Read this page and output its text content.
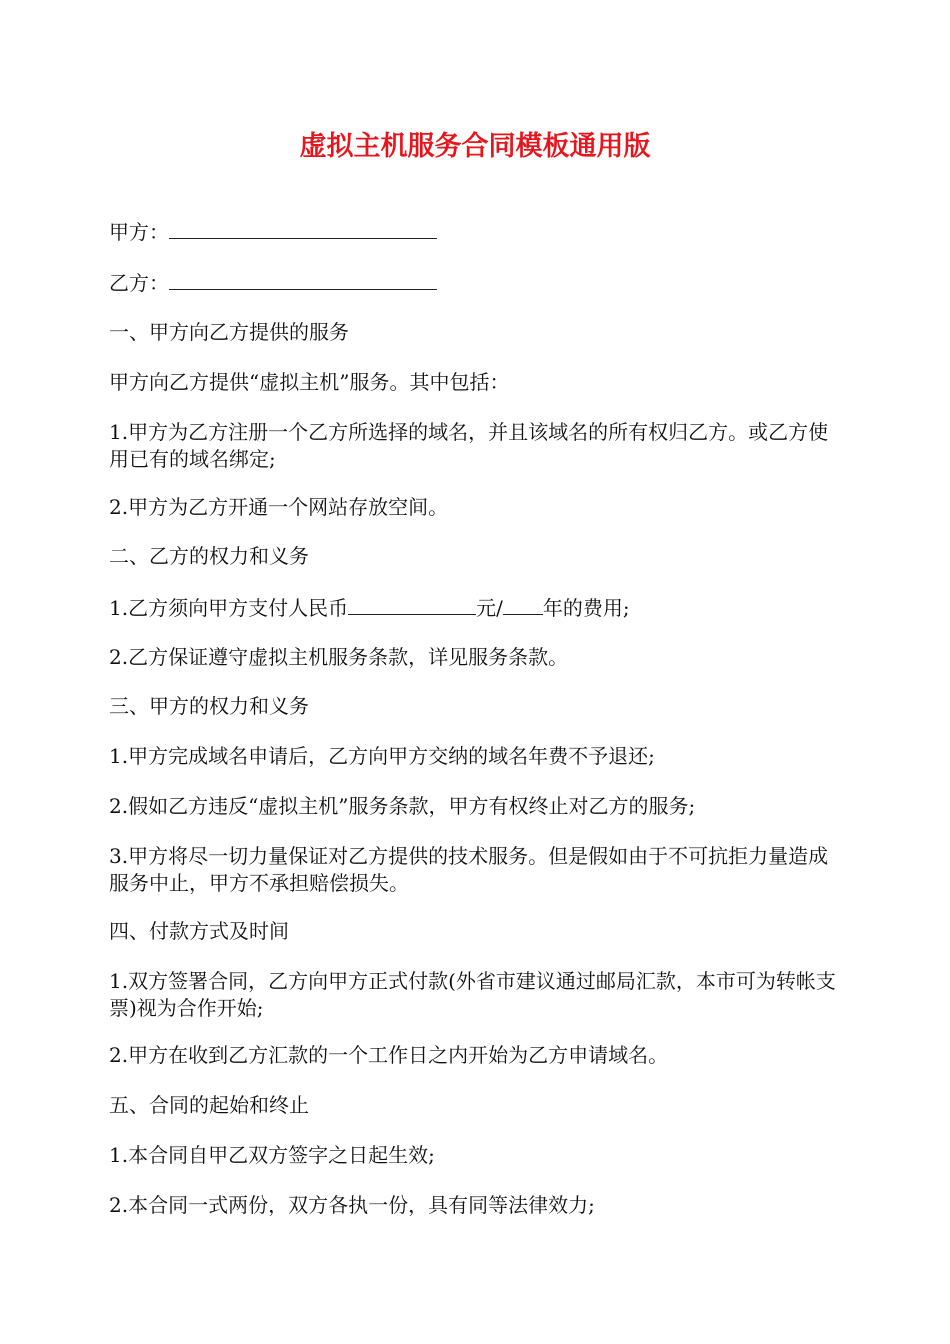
虚拟主机服务合同模板通用版
甲方：
乙方：
一、甲方向乙方提供的服务
甲方向乙方提供“虚拟主机”服务。其中包括：
1.甲方为乙方注册一个乙方所选择的域名，并且该域名的所有权归乙方。或乙方使用已有的域名绑定;
2.甲方为乙方开通一个网站存放空间。
二、乙方的权力和义务
1.乙方须向甲方支付人民币	元/ 年的费用;
2.乙方保证遵守虚拟主机服务条款，详见服务条款。
三、甲方的权力和义务
1.甲方完成域名申请后，乙方向甲方交纳的域名年费不予退还;
2.假如乙方违反“虚拟主机”服务条款，甲方有权终止对乙方的服务;
3.甲方将尽一切力量保证对乙方提供的技术服务。但是假如由于不可抗拒力量造成服务中止，甲方不承担赔偿损失。
四、付款方式及时间
1.双方签署合同，乙方向甲方正式付款(外省市建议通过邮局汇款，本市可为转帐支票)视为合作开始;
2.甲方在收到乙方汇款的一个工作日之内开始为乙方申请域名。
五、合同的起始和终止
1.本合同自甲乙双方签字之日起生效;
2.本合同一式两份，双方各执一份，具有同等法律效力;
